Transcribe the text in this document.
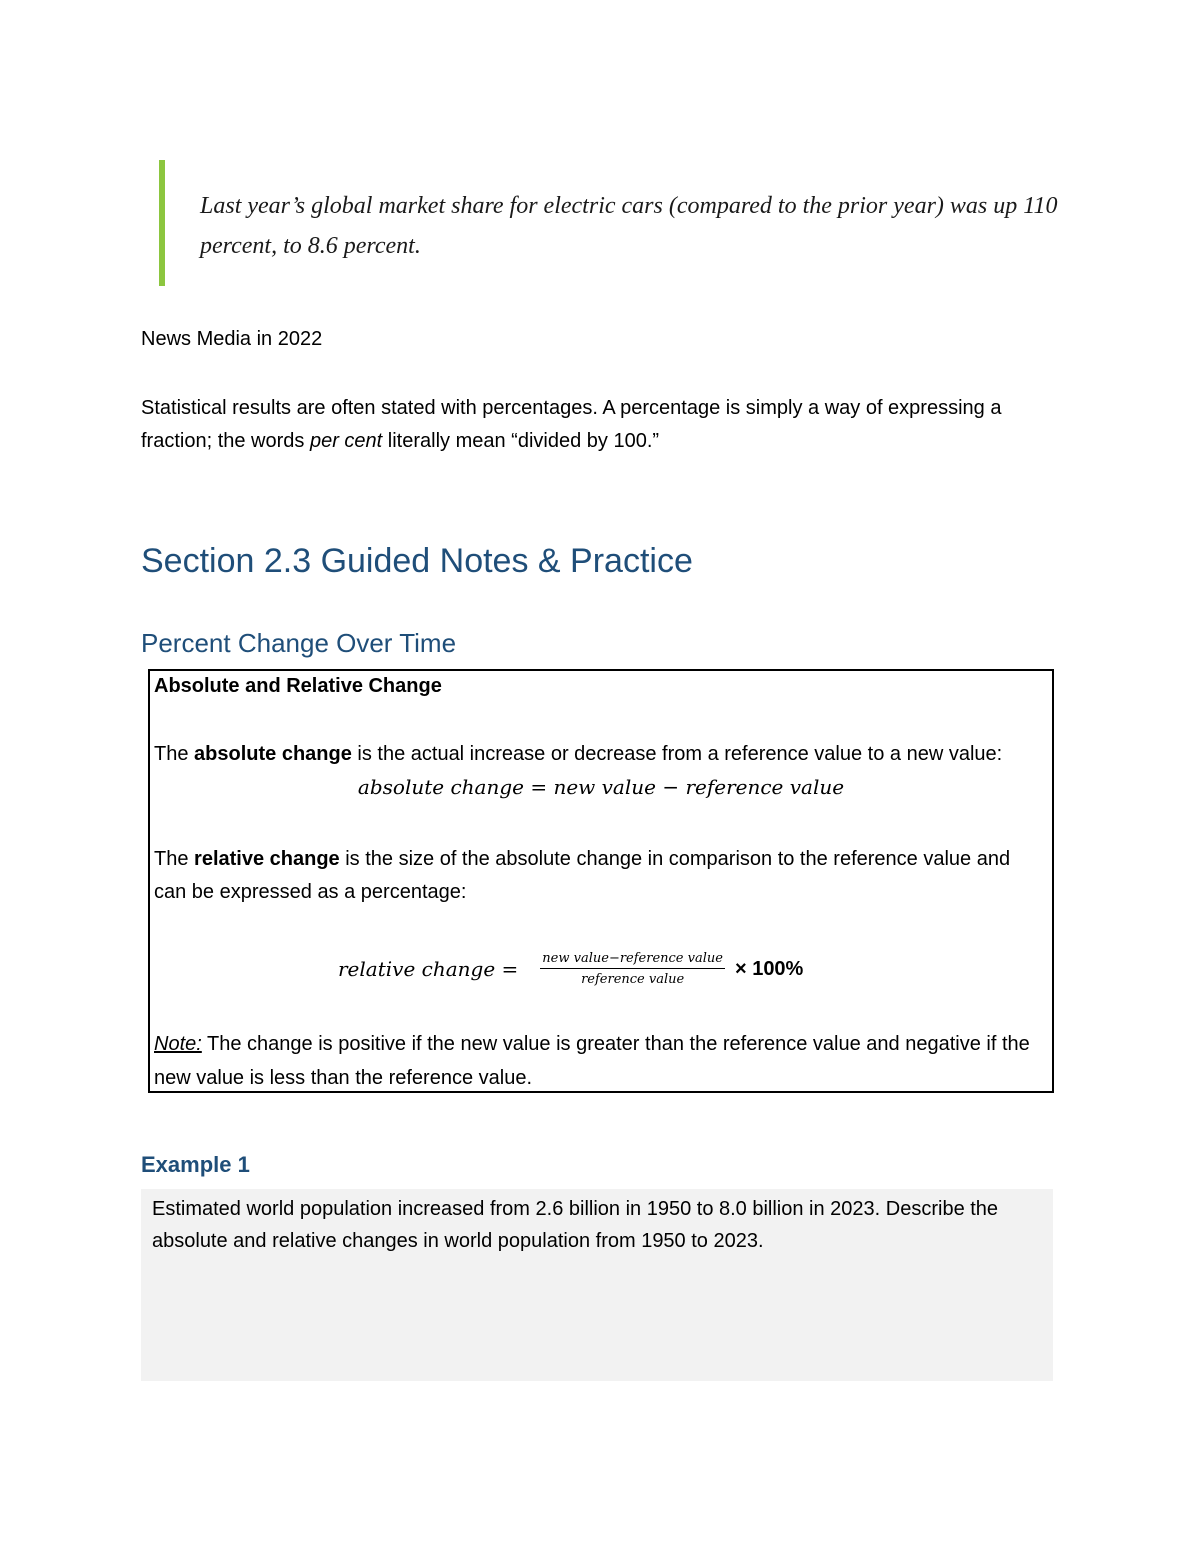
Last year’s global market share for electric cars (compared to the prior year) was up 110 percent, to 8.6 percent.
News Media in 2022
Statistical results are often stated with percentages. A percentage is simply a way of expressing a fraction; the words per cent literally mean “divided by 100.”
Section 2.3 Guided Notes & Practice
Percent Change Over Time
Absolute and Relative Change
The absolute change is the actual increase or decrease from a reference value to a new value:
absolute change = new value − reference value
The relative change is the size of the absolute change in comparison to the reference value and can be expressed as a percentage:
relative change = $\frac{\text{new value−reference value}}{\text{reference value}} \times 100\%$
Note: The change is positive if the new value is greater than the reference value and negative if the new value is less than the reference value.
Example 1
Estimated world population increased from 2.6 billion in 1950 to 8.0 billion in 2023. Describe the absolute and relative changes in world population from 1950 to 2023.
